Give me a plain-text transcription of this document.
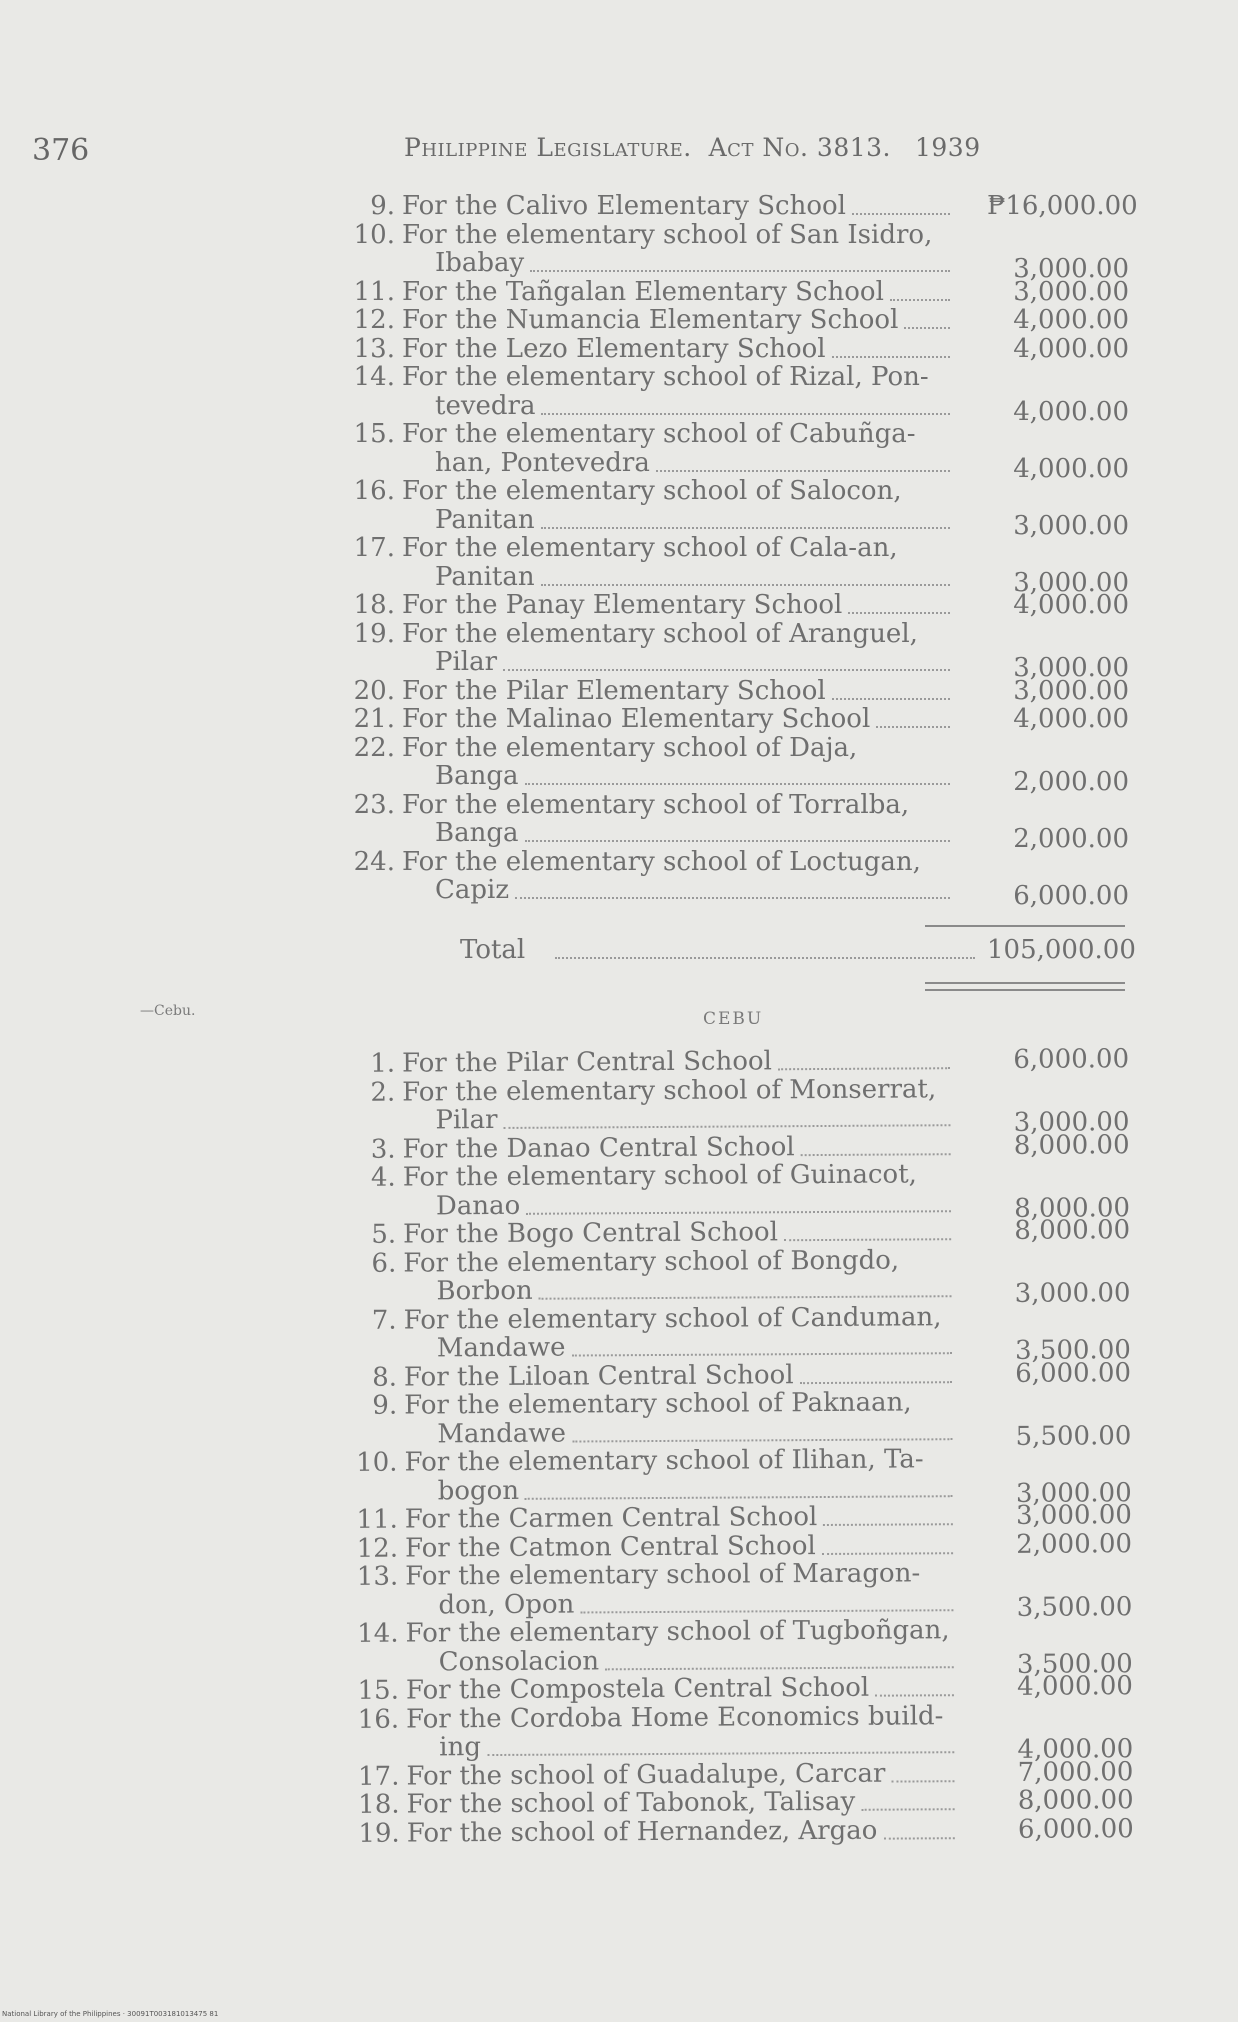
376	Philippine Legislature. Act No. 3813. 1939
9. For the Calivo Elementary School	₱16,000.00
10. For the elementary school of San Isidro,
Ibabay	3,000.00
11. For the Tañgalan Elementary School	3,000.00
12. For the Numancia Elementary School	4,000.00
13. For the Lezo Elementary School	4,000.00
14. For the elementary school of Rizal, Pon-
tevedra	4,000.00
15. For the elementary school of Cabuñga-
han, Pontevedra	4,000.00
16. For the elementary school of Salocon,
Panitan	3,000.00
17. For the elementary school of Cala-an,
Panitan	3,000.00
18. For the Panay Elementary School	4,000.00
19. For the elementary school of Aranguel,
Pilar	3,000.00
20. For the Pilar Elementary School	3,000.00
21. For the Malinao Elementary School	4,000.00
22. For the elementary school of Daja,
Banga	2,000.00
23. For the elementary school of Torralba,
Banga	2,000.00
24. For the elementary school of Loctugan,
Capiz	6,000.00
Total	105,000.00
—Cebu.	CEBU
1. For the Pilar Central School	6,000.00
2. For the elementary school of Monserrat,
Pilar	3,000.00
3. For the Danao Central School	8,000.00
4. For the elementary school of Guinacot,
Danao	8,000.00
5. For the Bogo Central School	8,000.00
6. For the elementary school of Bongdo,
Borbon	3,000.00
7. For the elementary school of Canduman,
Mandawe	3,500.00
8. For the Liloan Central School	6,000.00
9. For the elementary school of Paknaan,
Mandawe	5,500.00
10. For the elementary school of Ilihan, Ta-
bogon	3,000.00
11. For the Carmen Central School	3,000.00
12. For the Catmon Central School	2,000.00
13. For the elementary school of Maragon-
don, Opon	3,500.00
14. For the elementary school of Tugboñgan,
Consolacion	3,500.00
15. For the Compostela Central School	4,000.00
16. For the Cordoba Home Economics build-
ing	4,000.00
17. For the school of Guadalupe, Carcar	7,000.00
18. For the school of Tabonok, Talisay	8,000.00
19. For the school of Hernandez, Argao	6,000.00
National Library of the Philippines · 30091T003181013475 81
